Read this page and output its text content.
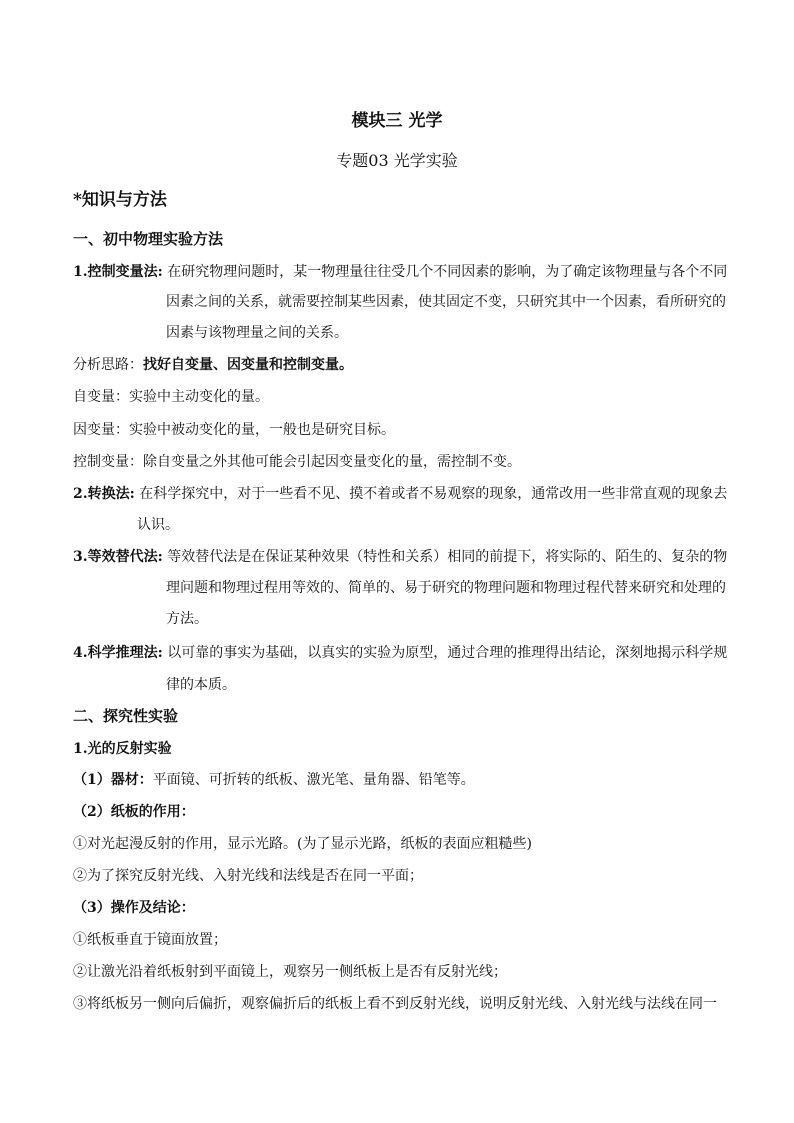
模块三 光学
专题03 光学实验
*知识与方法
一、初中物理实验方法
1.控制变量法: 在研究物理问题时，某一物理量往往受几个不同因素的影响，为了确定该物理量与各个不同
因素之间的关系，就需要控制某些因素，使其固定不变，只研究其中一个因素，看所研究的
因素与该物理量之间的关系。
分析思路：找好自变量、因变量和控制变量。
自变量：实验中主动变化的量。
因变量：实验中被动变化的量，一般也是研究目标。
控制变量：除自变量之外其他可能会引起因变量变化的量，需控制不变。
2.转换法: 在科学探究中，对于一些看不见、摸不着或者不易观察的现象，通常改用一些非常直观的现象去
认识。
3.等效替代法: 等效替代法是在保证某种效果（特性和关系）相同的前提下，将实际的、陌生的、复杂的物
理问题和物理过程用等效的、简单的、易于研究的物理问题和物理过程代替来研究和处理的
方法。
4.科学推理法: 以可靠的事实为基础，以真实的实验为原型，通过合理的推理得出结论，深刻地揭示科学规
律的本质。
二、探究性实验
1.光的反射实验
（1）器材：平面镜、可折转的纸板、激光笔、量角器、铅笔等。
（2）纸板的作用：
①对光起漫反射的作用，显示光路。(为了显示光路，纸板的表面应粗糙些)
②为了探究反射光线、入射光线和法线是否在同一平面；
（3）操作及结论：
①纸板垂直于镜面放置；
②让激光沿着纸板射到平面镜上，观察另一侧纸板上是否有反射光线；
③将纸板另一侧向后偏折，观察偏折后的纸板上看不到反射光线，说明反射光线、入射光线与法线在同一
